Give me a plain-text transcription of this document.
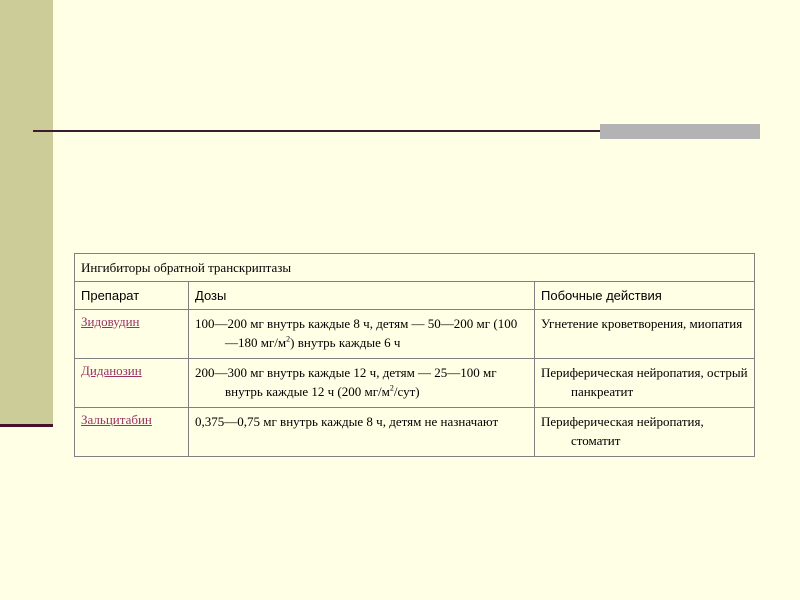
Ингибиторы обратной транскриптазы		
Препарат	Дозы	Побочные действия
Зидовудин	100—200 мг внутрь каждые 8 ч, детям — 50—200 мг (100—180 $мг/м^2$) внутрь каждые 6 ч	Угнетение кроветворения, миопатия

Диданозин	200—300 мг внутрь каждые 12 ч, детям — 25—100 мг внутрь каждые 12 ч (200 $мг/м^2/сут$)	Периферическая нейропатия, острый панкреатит

Зальцитабин	0,375—0,75 мг внутрь каждые 8 ч, детям не назначают	Периферическая нейропатия, стоматит
